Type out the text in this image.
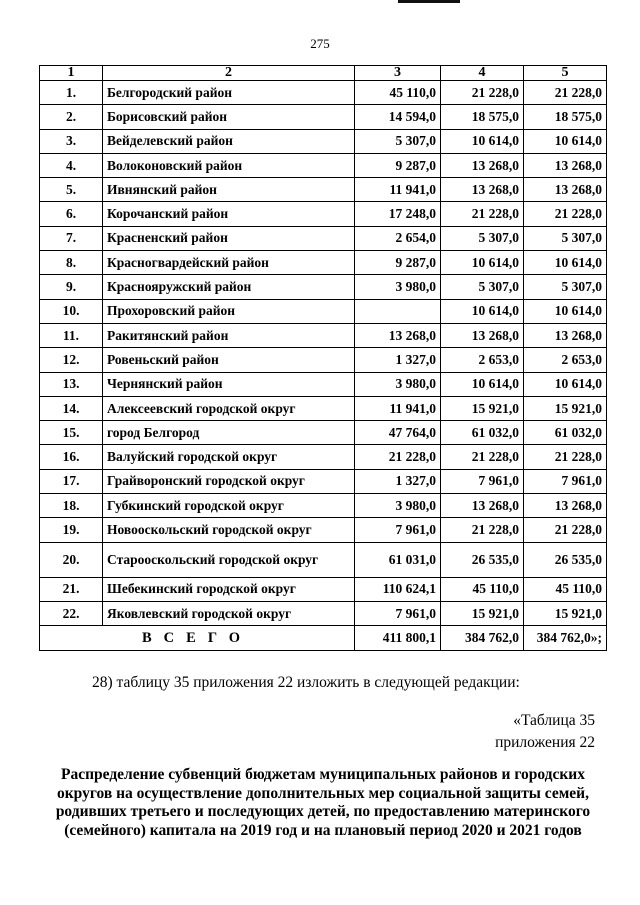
275
1	2	3	4	5
1.	Белгородский район	45 110,0	21 228,0	21 228,0
2.	Борисовский район	14 594,0	18 575,0	18 575,0
3.	Вейделевский район	5 307,0	10 614,0	10 614,0
4.	Волоконовский район	9 287,0	13 268,0	13 268,0
5.	Ивнянский район	11 941,0	13 268,0	13 268,0
6.	Корочанский район	17 248,0	21 228,0	21 228,0
7.	Красненский район	2 654,0	5 307,0	5 307,0
8.	Красногвардейский район	9 287,0	10 614,0	10 614,0
9.	Краснояружский район	3 980,0	5 307,0	5 307,0
10.	Прохоровский район		10 614,0	10 614,0
11.	Ракитянский район	13 268,0	13 268,0	13 268,0
12.	Ровеньский район	1 327,0	2 653,0	2 653,0
13.	Чернянский район	3 980,0	10 614,0	10 614,0
14.	Алексеевский городской округ	11 941,0	15 921,0	15 921,0
15.	город Белгород	47 764,0	61 032,0	61 032,0
16.	Валуйский городской округ	21 228,0	21 228,0	21 228,0
17.	Грайворонский городской округ	1 327,0	7 961,0	7 961,0
18.	Губкинский городской округ	3 980,0	13 268,0	13 268,0
19.	Новооскольский городской округ	7 961,0	21 228,0	21 228,0
20.	Старооскольский городской округ	61 031,0	26 535,0	26 535,0
21.	Шебекинский городской округ	110 624,1	45 110,0	45 110,0
22.	Яковлевский городской округ	7 961,0	15 921,0	15 921,0
ВСЕГО		411 800,1	384 762,0	384 762,0»;
28) таблицу 35 приложения 22 изложить в следующей редакции:
«Таблица 35
приложения 22
Распределение субвенций бюджетам муниципальных районов и городских
округов на осуществление дополнительных мер социальной защиты семей,
родивших третьего и последующих детей, по предоставлению материнского
(семейного) капитала на 2019 год и на плановый период 2020 и 2021 годов
